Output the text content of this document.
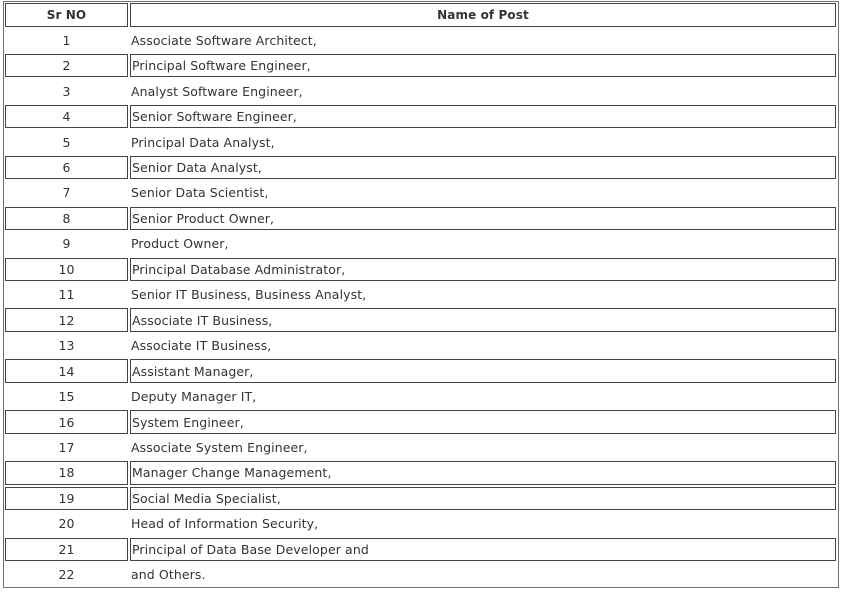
Sr NO	Name of Post
1	Associate Software Architect,
2	Principal Software Engineer,
3	Analyst Software Engineer,
4	Senior Software Engineer,
5	Principal Data Analyst,
6	Senior Data Analyst,
7	Senior Data Scientist,
8	Senior Product Owner,
9	Product Owner,
10	Principal Database Administrator,
11	Senior IT Business, Business Analyst,
12	Associate IT Business,
13	Associate IT Business,
14	Assistant Manager,
15	Deputy Manager IT,
16	System Engineer,
17	Associate System Engineer,
18	Manager Change Management,
19	Social Media Specialist,
20	Head of Information Security,
21	Principal of Data Base Developer and
22	and Others.
